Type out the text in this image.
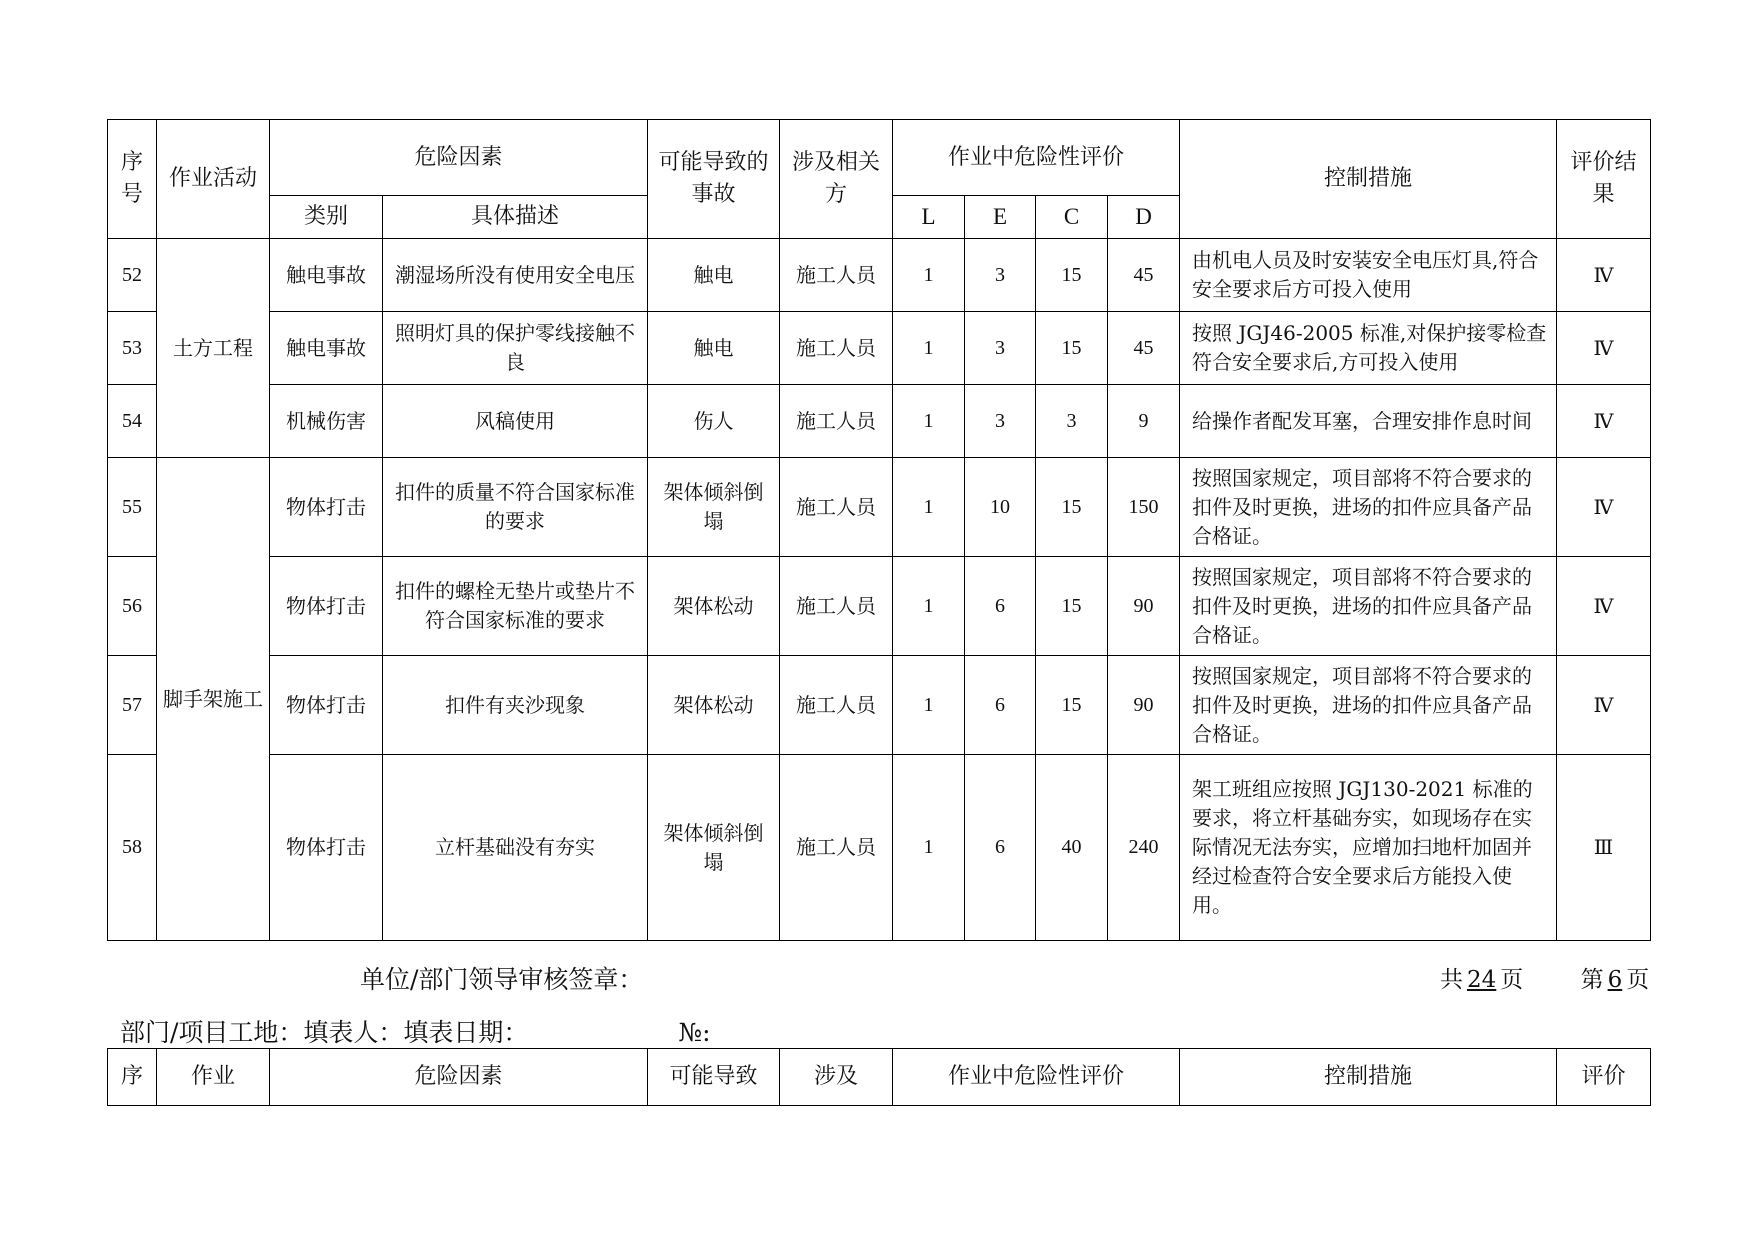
序号	作业活动	危险因素		可能导致的事故	涉及相关方	作业中危险性评价				控制措施	评价结果
		类别	具体描述			L	E	C	D		
52	土方工程	触电事故	潮湿场所没有使用安全电压	触电	施工人员	1	3	15	45	由机电人员及时安装安全电压灯具,符合安全要求后方可投入使用	Ⅳ
53		触电事故	照明灯具的保护零线接触不良	触电	施工人员	1	3	15	45	按照 JGJ46-2005 标准,对保护接零检查符合安全要求后,方可投入使用	Ⅳ
54		机械伤害	风稿使用	伤人	施工人员	1	3	3	9	给操作者配发耳塞，合理安排作息时间	Ⅳ
55	脚手架施工	物体打击	扣件的质量不符合国家标准的要求	架体倾斜倒塌	施工人员	1	10	15	150	按照国家规定，项目部将不符合要求的扣件及时更换，进场的扣件应具备产品合格证。	Ⅳ
56		物体打击	扣件的螺栓无垫片或垫片不符合国家标准的要求	架体松动	施工人员	1	6	15	90	按照国家规定，项目部将不符合要求的扣件及时更换，进场的扣件应具备产品合格证。	Ⅳ
57		物体打击	扣件有夹沙现象	架体松动	施工人员	1	6	15	90	按照国家规定，项目部将不符合要求的扣件及时更换，进场的扣件应具备产品合格证。	Ⅳ
58		物体打击	立杆基础没有夯实	架体倾斜倒塌	施工人员	1	6	40	240	架工班组应按照 JGJ130-2021 标准的要求，将立杆基础夯实，如现场存在实际情况无法夯实，应增加扫地杆加固并经过检查符合安全要求后方能投入使用。	Ⅲ
单位/部门领导审核签章：	共 24 页 第 6 页
部门/项目工地：填表人：填表日期：	№:
序	作业	危险因素	可能导致	涉及	作业中危险性评价	控制措施	评价
